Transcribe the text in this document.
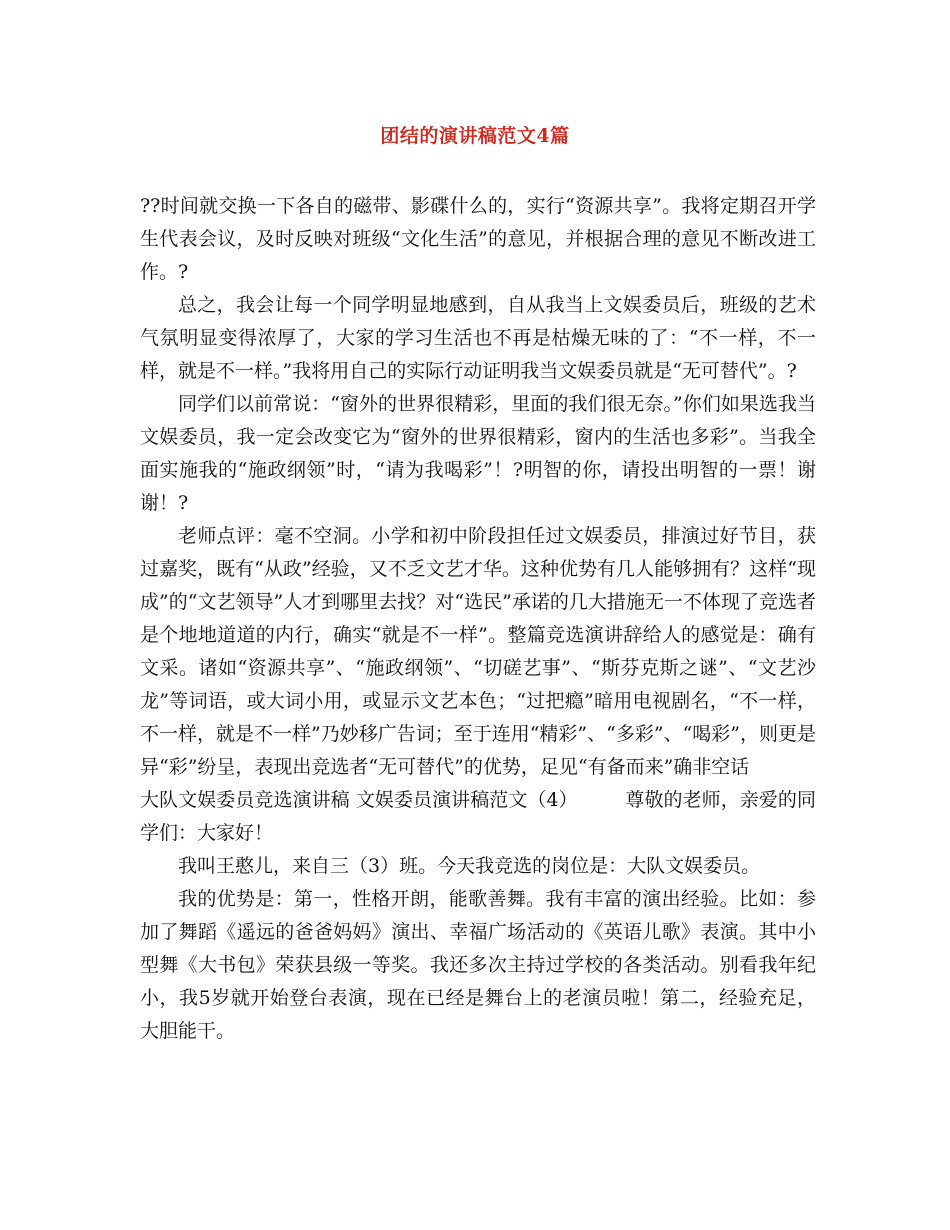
团结的演讲稿范文4篇

??时间就交换一下各自的磁带、影碟什么的，实行“资源共享”。我将定期召开学生代表会议，及时反映对班级“文化生活”的意见，并根据合理的意见不断改进工作。?

总之，我会让每一个同学明显地感到，自从我当上文娱委员后，班级的艺术气氛明显变得浓厚了，大家的学习生活也不再是枯燥无味的了：“不一样，不一样，就是不一样。”我将用自己的实际行动证明我当文娱委员就是“无可替代”。?

同学们以前常说：“窗外的世界很精彩，里面的我们很无奈。”你们如果选我当文娱委员，我一定会改变它为“窗外的世界很精彩，窗内的生活也多彩”。当我全面实施我的“施政纲领”时，“请为我喝彩”！?明智的你，请投出明智的一票！谢谢！?

老师点评：毫不空洞。小学和初中阶段担任过文娱委员，排演过好节目，获过嘉奖，既有“从政”经验，又不乏文艺才华。这种优势有几人能够拥有？这样“现成”的“文艺领导”人才到哪里去找？对“选民”承诺的几大措施无一不体现了竞选者是个地地道道的内行，确实“就是不一样”。整篇竞选演讲辞给人的感觉是：确有文采。诸如“资源共享”、“施政纲领”、“切磋艺事”、“斯芬克斯之谜”、“文艺沙龙”等词语，或大词小用，或显示文艺本色；“过把瘾”暗用电视剧名，“不一样，不一样，就是不一样”乃妙移广告词；至于连用“精彩”、“多彩”、“喝彩”，则更是异“彩”纷呈，表现出竞选者“无可替代”的优势，足见“有备而来”确非空话

大队文娱委员竞选演讲稿 文娱委员演讲稿范文（4）　　　尊敬的老师，亲爱的同学们：大家好！

我叫王憨儿，来自三（3）班。今天我竞选的岗位是：大队文娱委员。

我的优势是：第一，性格开朗，能歌善舞。我有丰富的演出经验。比如：参加了舞蹈《遥远的爸爸妈妈》演出、幸福广场活动的《英语儿歌》表演。其中小型舞《大书包》荣获县级一等奖。我还多次主持过学校的各类活动。别看我年纪小，我5岁就开始登台表演，现在已经是舞台上的老演员啦！第二，经验充足，大胆能干。
